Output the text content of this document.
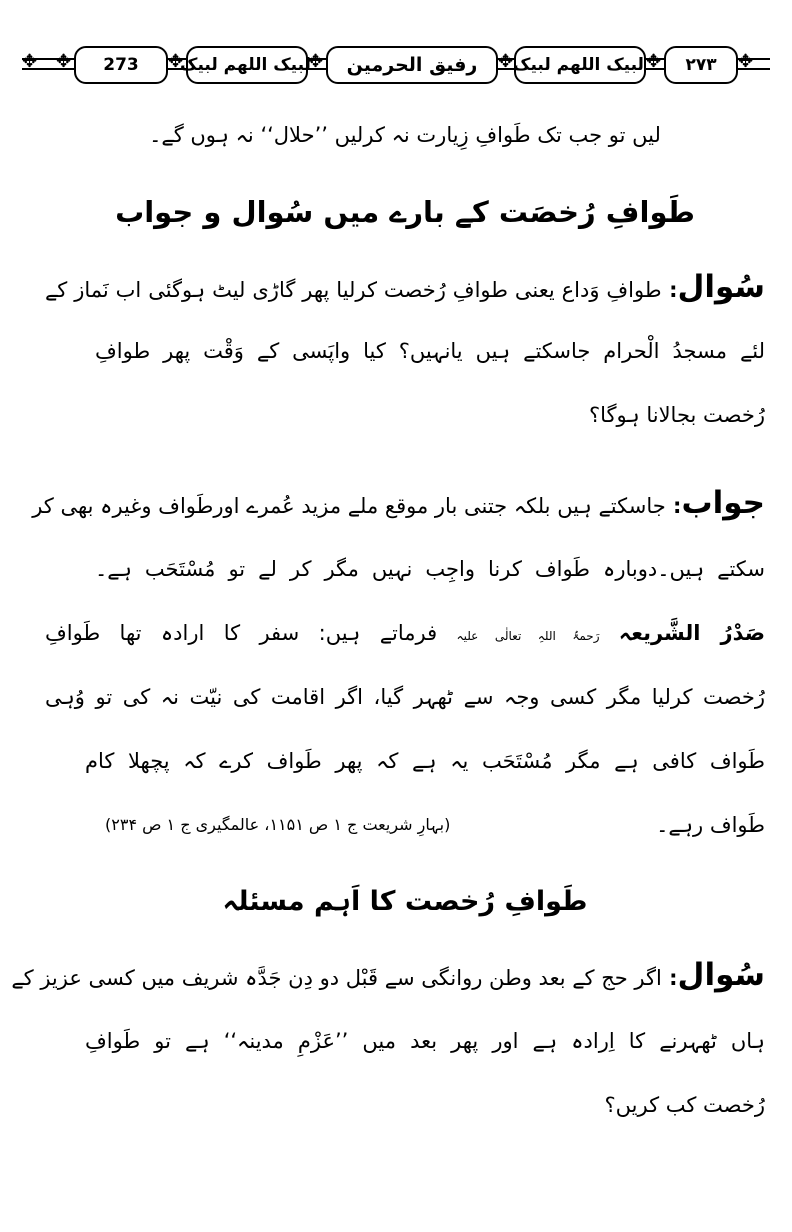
✥ ✥	273	✥
لبیک اللھم لبیک
✥	رفیق الحرمین	✥ لبیک اللھم لبیک ✥	۲۷۳	✥
لیں تو جب تک طَوافِ زِیارت نہ کرلیں ’’حلال‘‘ نہ ہوں گے۔
طَوافِ رُخصَت کے بارے میں سُوال و جواب
سُوال: طوافِ وَداع یعنی طوافِ رُخصت کرلیا پھر گاڑی لیٹ ہوگئی اب نَماز کے
لئے مسجدُ الْحرام جاسکتے ہیں یانہیں؟ کیا واپَسی کے وَقْت پھر طوافِ
رُخصت بجالانا ہوگا؟
جواب: جاسکتے ہیں بلکہ جتنی بار موقع ملے مزید عُمرے اورطَواف وغیرہ بھی کر
سکتے ہیں۔دوبارہ طَواف کرنا واجِب نہیں مگر کر لے تو مُسْتَحَب ہے۔
صَدْرُ الشَّریعہ رَحمۃُ اللہِ تعالٰی علیہ فرماتے ہیں: سفر کا ارادہ تھا طَوافِ
رُخصت کرلیا مگر کسی وجہ سے ٹھہر گیا، اگر اقامت کی نیّت نہ کی تو وُہی
طَواف کافی ہے مگر مُسْتَحَب یہ ہے کہ پھر طَواف کرے کہ پچھلا کام
طَواف رہے۔
(بہارِ شریعت ج ۱ ص ۱۱۵۱، عالمگیری ج ۱ ص ۲۳۴)
طَوافِ رُخصت کا اَہم مسئلہ
سُوال: اگر حج کے بعد وطن روانگی سے قَبْل دو دِن جَدَّہ شریف میں کسی عزیز کے
ہاں ٹھہرنے کا اِرادہ ہے اور پھر بعد میں ’’عَزْمِ مدینہ‘‘ ہے تو طَوافِ
رُخصت کب کریں؟
